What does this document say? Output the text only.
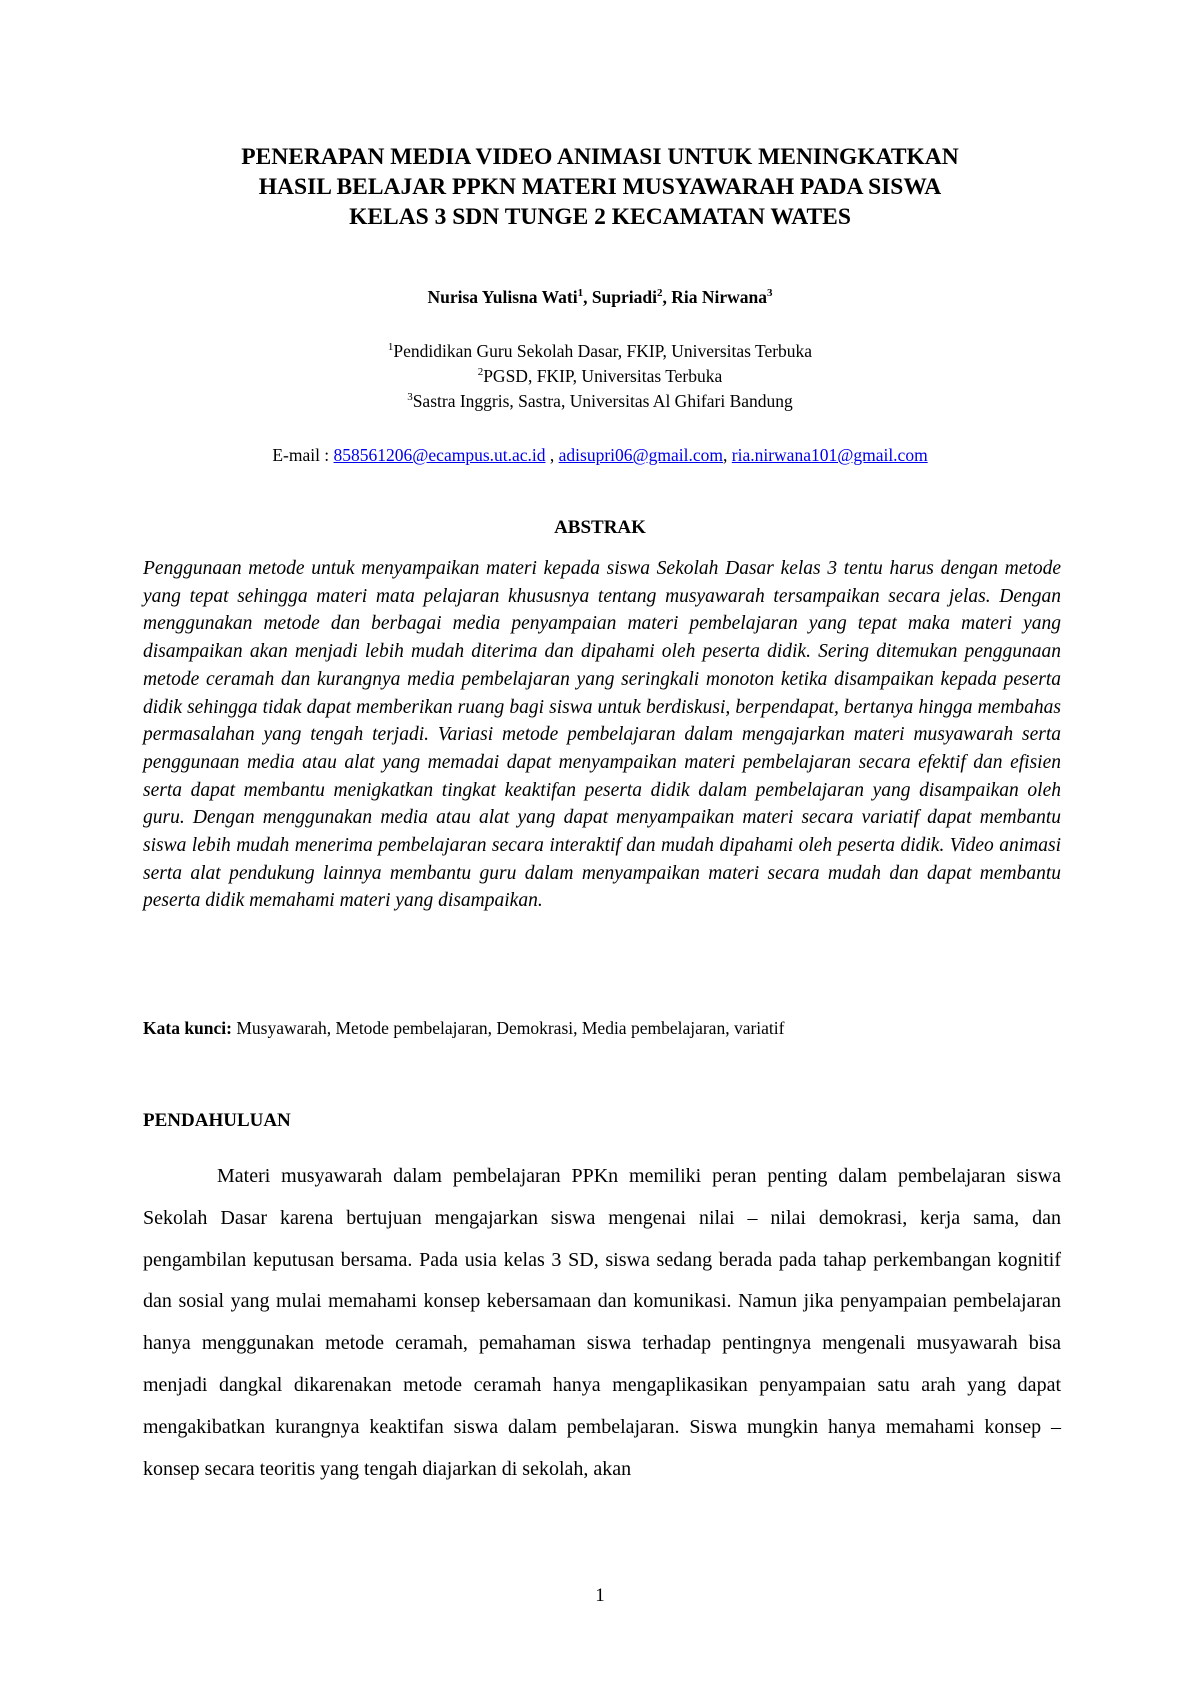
PENERAPAN MEDIA VIDEO ANIMASI UNTUK MENINGKATKAN
HASIL BELAJAR PPKN MATERI MUSYAWARAH PADA SISWA
KELAS 3 SDN TUNGE 2 KECAMATAN WATES
Nurisa Yulisna Wati$^1$, Supriadi$^2$, Ria Nirwana$^3$
$^1$Pendidikan Guru Sekolah Dasar, FKIP, Universitas Terbuka
$^2$PGSD, FKIP, Universitas Terbuka
$^3$Sastra Inggris, Sastra, Universitas Al Ghifari Bandung
E-mail : 858561206@ecampus.ut.ac.id , adisupri06@gmail.com, ria.nirwana101@gmail.com
ABSTRAK
Penggunaan metode untuk menyampaikan materi kepada siswa Sekolah Dasar kelas 3 tentu harus dengan metode yang tepat sehingga materi mata pelajaran khususnya tentang musyawarah tersampaikan secara jelas. Dengan menggunakan metode dan berbagai media penyampaian materi pembelajaran yang tepat maka materi yang disampaikan akan menjadi lebih mudah diterima dan dipahami oleh peserta didik. Sering ditemukan penggunaan metode ceramah dan kurangnya media pembelajaran yang seringkali monoton ketika disampaikan kepada peserta didik sehingga tidak dapat memberikan ruang bagi siswa untuk berdiskusi, berpendapat, bertanya hingga membahas permasalahan yang tengah terjadi. Variasi metode pembelajaran dalam mengajarkan materi musyawarah serta penggunaan media atau alat yang memadai dapat menyampaikan materi pembelajaran secara efektif dan efisien serta dapat membantu menigkatkan tingkat keaktifan peserta didik dalam pembelajaran yang disampaikan oleh guru. Dengan menggunakan media atau alat yang dapat menyampaikan materi secara variatif dapat membantu siswa lebih mudah menerima pembelajaran secara interaktif dan mudah dipahami oleh peserta didik. Video animasi serta alat pendukung lainnya membantu guru dalam menyampaikan materi secara mudah dan dapat membantu peserta didik memahami materi yang disampaikan.
Kata kunci: Musyawarah, Metode pembelajaran, Demokrasi, Media pembelajaran, variatif
PENDAHULUAN
Materi musyawarah dalam pembelajaran PPKn memiliki peran penting dalam pembelajaran siswa Sekolah Dasar karena bertujuan mengajarkan siswa mengenai nilai – nilai demokrasi, kerja sama, dan pengambilan keputusan bersama. Pada usia kelas 3 SD, siswa sedang berada pada tahap perkembangan kognitif dan sosial yang mulai memahami konsep kebersamaan dan komunikasi. Namun jika penyampaian pembelajaran hanya menggunakan metode ceramah, pemahaman siswa terhadap pentingnya mengenali musyawarah bisa menjadi dangkal dikarenakan metode ceramah hanya mengaplikasikan penyampaian satu arah yang dapat mengakibatkan kurangnya keaktifan siswa dalam pembelajaran. Siswa mungkin hanya memahami konsep – konsep secara teoritis yang tengah diajarkan di sekolah, akan
1
